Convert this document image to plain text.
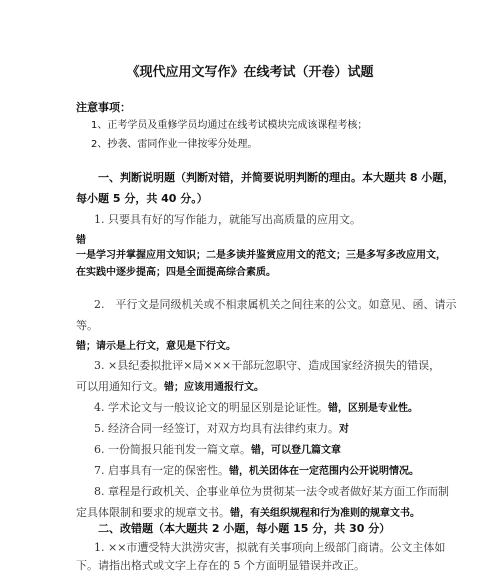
《现代应用文写作》在线考试（开卷）试题
注意事项：
1、正考学员及重修学员均通过在线考试模块完成该课程考核；
2、抄袭、雷同作业一律按零分处理。
一、判断说明题（判断对错，并简要说明判断的理由。本大题共 8 小题，
每小题 5 分，共 40 分。）
1. 只要具有好的写作能力，就能写出高质量的应用文。
错
一是学习并掌握应用文知识；二是多读并鉴赏应用文的范文；三是多写多改应用文，
在实践中逐步提高；四是全面提高综合素质。
2.　平行文是同级机关或不相隶属机关之间往来的公文。如意见、函、请示
等。
错；请示是上行文，意见是下行文。
3. ×县纪委拟批评×局×××干部玩忽职守、造成国家经济损失的错误，
可以用通知行文。错；应该用通报行文。
4. 学术论文与一般议论文的明显区别是论证性。错，区别是专业性。
5. 经济合同一经签订，对双方均具有法律约束力。对
6. 一份简报只能刊发一篇文章。错，可以登几篇文章
7. 启事具有一定的保密性。错，机关团体在一定范围内公开说明情况。
8. 章程是行政机关、企事业单位为贯彻某一法令或者做好某方面工作而制
定具体限制和要求的规章文书。错，有关组织规程和行为准则的规章文书。
二、改错题（本大题共 2 小题，每小题 15 分，共 30 分）
1. ××市遭受特大洪涝灾害，拟就有关事项向上级部门商请。公文主体如
下。请指出格式或文字上存在的 5 个方面明显错误并改正。
